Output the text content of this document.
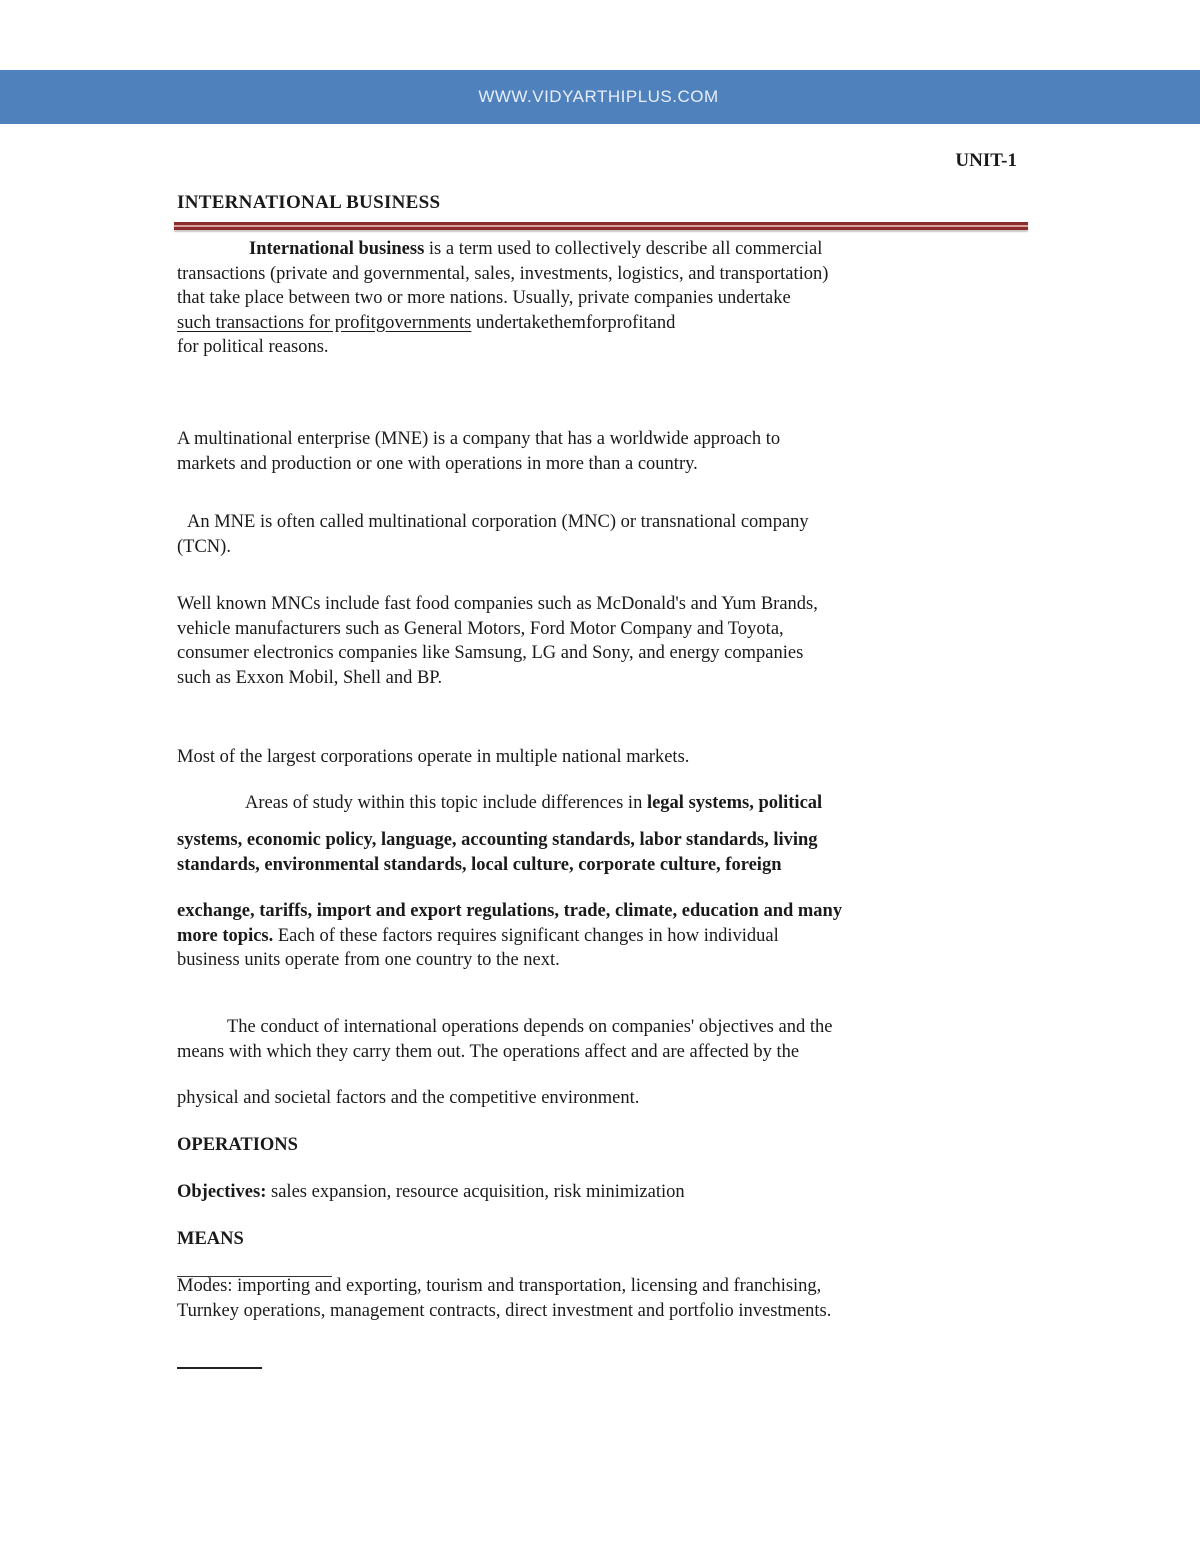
WWW.VIDYARTHIPLUS.COM
UNIT-1
INTERNATIONAL BUSINESS
International business is a term used to collectively describe all commercial
transactions (private and governmental, sales, investments, logistics, and transportation)
that take place between two or more nations. Usually, private companies undertake
such transactions for profitgovernments undertakethemforprofitand
for political reasons.
A multinational enterprise (MNE) is a company that has a worldwide approach to
markets and production or one with operations in more than a country.
An MNE is often called multinational corporation (MNC) or transnational company
(TCN).
Well known MNCs include fast food companies such as McDonald's and Yum Brands,
vehicle manufacturers such as General Motors, Ford Motor Company and Toyota,
consumer electronics companies like Samsung, LG and Sony, and energy companies
such as Exxon Mobil, Shell and BP.
Most of the largest corporations operate in multiple national markets.
Areas of study within this topic include differences in legal systems, political
systems, economic policy, language, accounting standards, labor standards, living
standards, environmental standards, local culture, corporate culture, foreign
exchange, tariffs, import and export regulations, trade, climate, education and many
more topics. Each of these factors requires significant changes in how individual
business units operate from one country to the next.
The conduct of international operations depends on companies' objectives and the
means with which they carry them out. The operations affect and are affected by the
physical and societal factors and the competitive environment.
OPERATIONS
Objectives: sales expansion, resource acquisition, risk minimization
MEANS
Modes: importing and exporting, tourism and transportation, licensing and franchising,
Turnkey operations, management contracts, direct investment and portfolio investments.
